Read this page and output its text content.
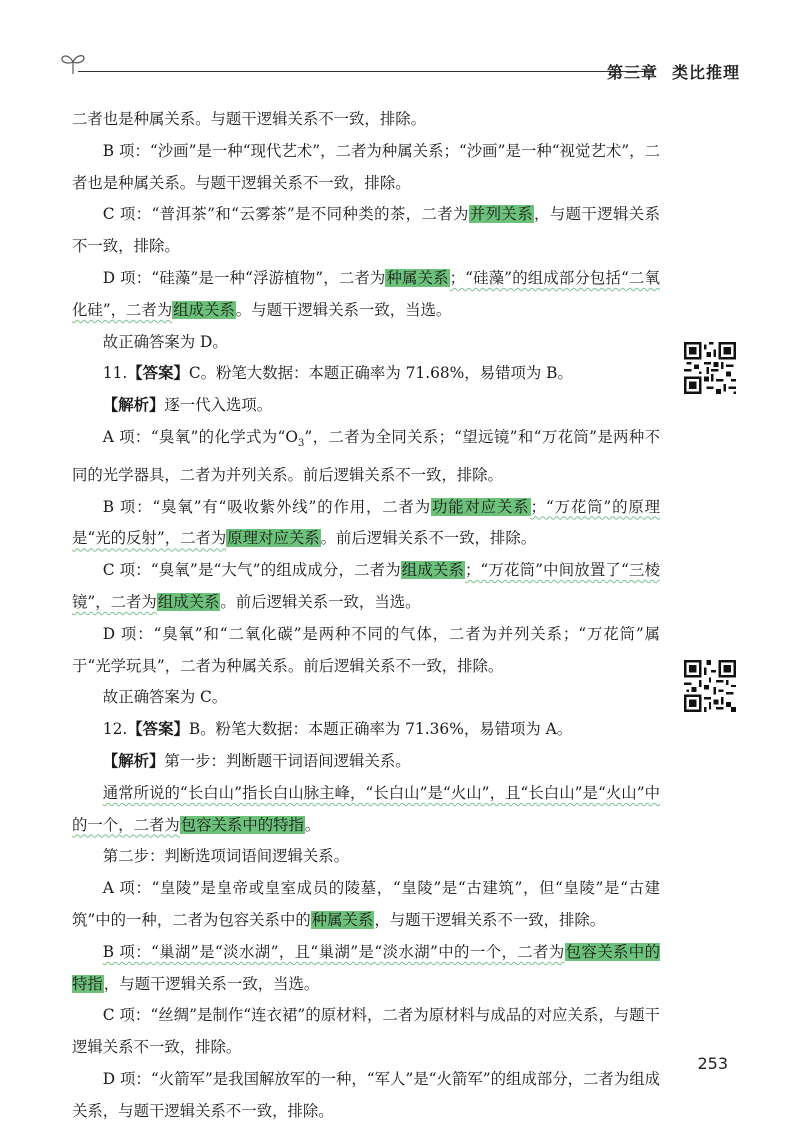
第三章 类比推理

二者也是种属关系。与题干逻辑关系不一致，排除。

B 项：“沙画”是一种“现代艺术”，二者为种属关系；“沙画”是一种“视觉艺术”，二者也是种属关系。与题干逻辑关系不一致，排除。

C 项：“普洱茶”和“云雾茶”是不同种类的茶，二者为并列关系，与题干逻辑关系不一致，排除。

D 项：“硅藻”是一种“浮游植物”，二者为种属关系；“硅藻”的组成部分包括“二氧化硅”，二者为组成关系。与题干逻辑关系一致，当选。

故正确答案为 D。

11.【答案】C。粉笔大数据：本题正确率为 71.68%，易错项为 B。

【解析】逐一代入选项。

A 项：“臭氧”的化学式为“$O_3$”，二者为全同关系；“望远镜”和“万花筒”是两种不同的光学器具，二者为并列关系。前后逻辑关系不一致，排除。

B 项：“臭氧”有“吸收紫外线”的作用，二者为功能对应关系；“万花筒”的原理是“光的反射”，二者为原理对应关系。前后逻辑关系不一致，排除。

C 项：“臭氧”是“大气”的组成成分，二者为组成关系；“万花筒”中间放置了“三棱镜”，二者为组成关系。前后逻辑关系一致，当选。

D 项：“臭氧”和“二氧化碳”是两种不同的气体，二者为并列关系；“万花筒”属于“光学玩具”，二者为种属关系。前后逻辑关系不一致，排除。

故正确答案为 C。

12.【答案】B。粉笔大数据：本题正确率为 71.36%，易错项为 A。

【解析】第一步：判断题干词语间逻辑关系。

通常所说的“长白山”指长白山脉主峰，“长白山”是“火山”，且“长白山”是“火山”中的一个，二者为包容关系中的特指。

第二步：判断选项词语间逻辑关系。

A 项：“皇陵”是皇帝或皇室成员的陵墓，“皇陵”是“古建筑”，但“皇陵”是“古建筑”中的一种，二者为包容关系中的种属关系，与题干逻辑关系不一致，排除。

B 项：“巢湖”是“淡水湖”，且“巢湖”是“淡水湖”中的一个，二者为包容关系中的特指，与题干逻辑关系一致，当选。

C 项：“丝绸”是制作“连衣裙”的原材料，二者为原材料与成品的对应关系，与题干逻辑关系不一致，排除。

D 项：“火箭军”是我国解放军的一种，“军人”是“火箭军”的组成部分，二者为组成关系，与题干逻辑关系不一致，排除。

253
